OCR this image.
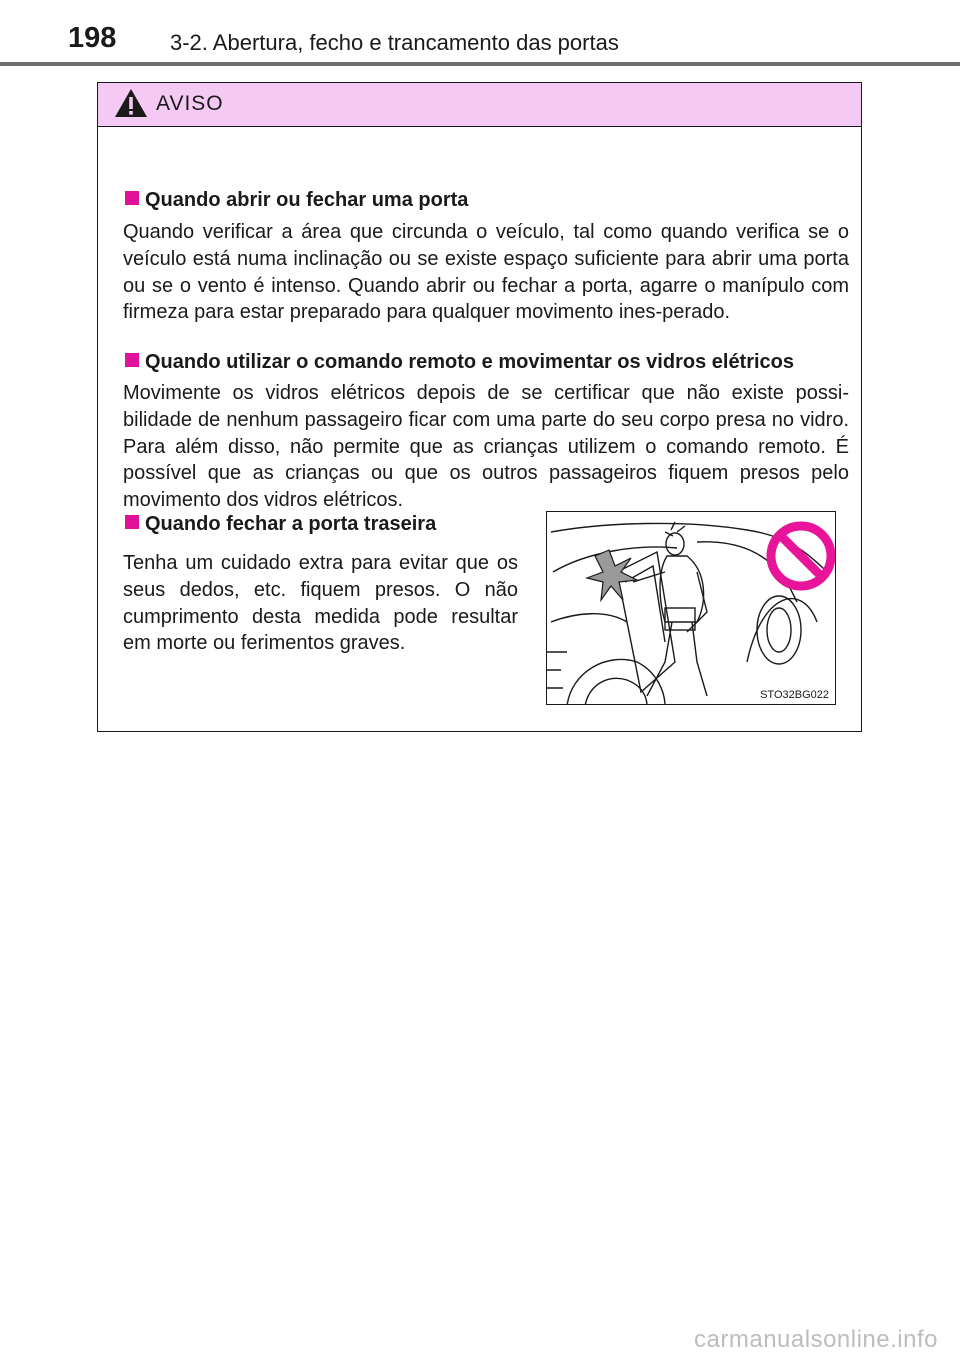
198 3-2. Abertura, fecho e trancamento das portas
AVISO
Quando abrir ou fechar uma porta
Quando verificar a área que circunda o veículo, tal como quando verifica se o veículo está numa inclinação ou se existe espaço suficiente para abrir uma porta ou se o vento é intenso. Quando abrir ou fechar a porta, agarre o manípulo com firmeza para estar preparado para qualquer movimento ines-perado.
Quando utilizar o comando remoto e movimentar os vidros elétricos
Movimente os vidros elétricos depois de se certificar que não existe possi-bilidade de nenhum passageiro ficar com uma parte do seu corpo presa no vidro. Para além disso, não permite que as crianças utilizem o comando remoto. É possível que as crianças ou que os outros passageiros fiquem presos pelo movimento dos vidros elétricos.
Quando fechar a porta traseira
Tenha um cuidado extra para evitar que os seus dedos, etc. fiquem presos. O não cumprimento desta medida pode resultar em morte ou ferimentos graves.
STO32BG022
carmanualsonline.info
